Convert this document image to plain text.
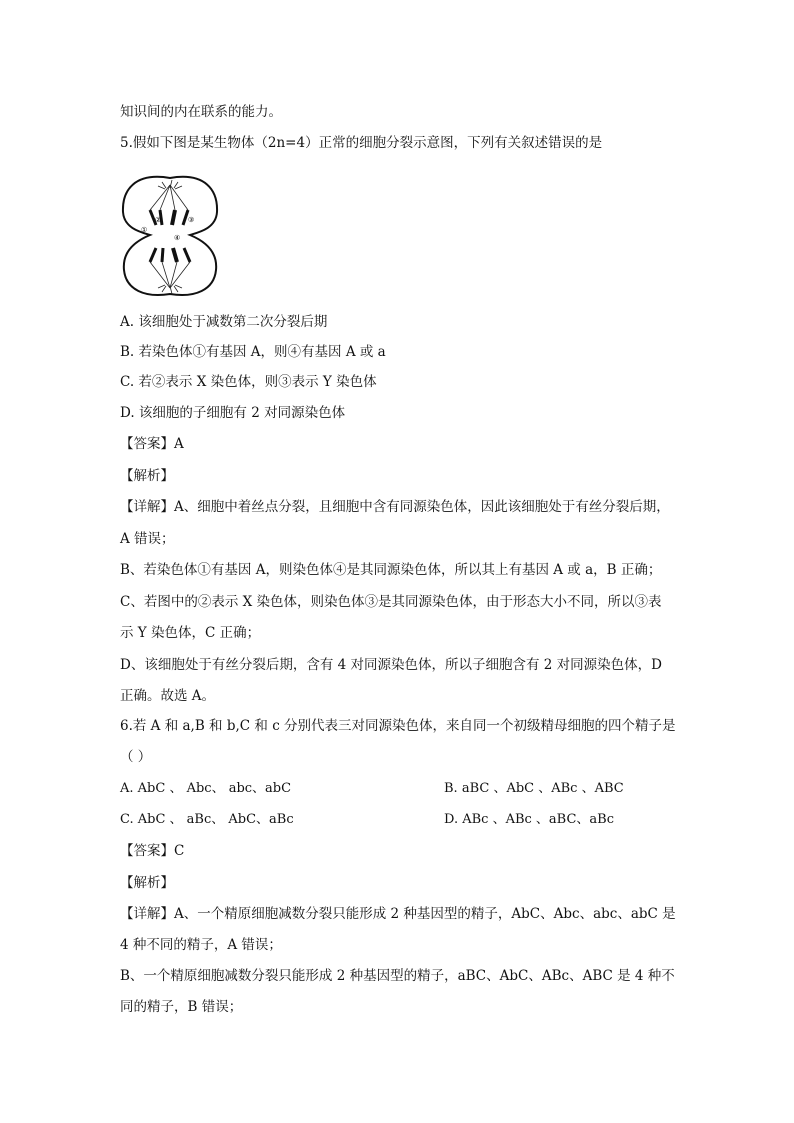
知识间的内在联系的能力。
5.假如下图是某生物体（2n=4）正常的细胞分裂示意图，下列有关叙述错误的是
①
②	③
④
A. 该细胞处于减数第二次分裂后期
B. 若染色体①有基因 A，则④有基因 A 或 a
C. 若②表示 X 染色体，则③表示 Y 染色体
D. 该细胞的子细胞有 2 对同源染色体
【答案】A
【解析】
【详解】A、细胞中着丝点分裂，且细胞中含有同源染色体，因此该细胞处于有丝分裂后期，
A 错误；
B、若染色体①有基因 A，则染色体④是其同源染色体，所以其上有基因 A 或 a，B 正确；
C、若图中的②表示 X 染色体，则染色体③是其同源染色体，由于形态大小不同，所以③表
示 Y 染色体，C 正确；
D、该细胞处于有丝分裂后期，含有 4 对同源染色体，所以子细胞含有 2 对同源染色体，D
正确。故选 A。
6.若 A 和 a,B 和 b,C 和 c 分别代表三对同源染色体，来自同一个初级精母细胞的四个精子是
（ ）
A. AbC 、 Abc、 abc、abC	B. aBC 、AbC 、ABc 、ABC
C. AbC 、 aBc、 AbC、aBc	D. ABc 、ABc 、aBC、aBc
【答案】C
【解析】
【详解】A、一个精原细胞减数分裂只能形成 2 种基因型的精子，AbC、Abc、abc、abC 是
4 种不同的精子，A 错误；
B、一个精原细胞减数分裂只能形成 2 种基因型的精子，aBC、AbC、ABc、ABC 是 4 种不
同的精子，B 错误；
